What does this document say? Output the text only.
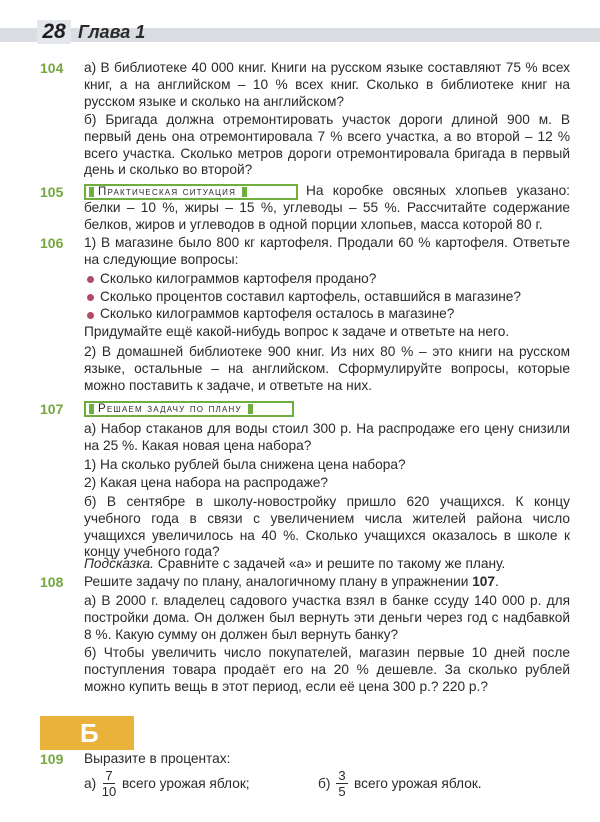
28 Глава 1
104 а) В библиотеке 40 000 книг. Книги на русском языке составляют 75 % всех книг, а на английском – 10 % всех книг. Сколько в библиотеке книг на русском языке и сколько на английском?

б) Бригада должна отремонтировать участок дороги длиной 900 м. В первый день она отремонтировала 7 % всего участка, а во второй – 12 % всего участка. Сколько метров дороги отремонтировала бригада в первый день и сколько во второй?

105	Практическая ситуация	На коробке овсяных хлопьев указано: белки – 10 %, жиры – 15 %, углеводы – 55 %. Рассчитайте содержание белков, жиров и углеводов в одной порции хлопьев, масса которой 80 г.

106 1) В магазине было 800 кг картофеля. Продали 60 % картофеля. Ответьте на следующие вопросы:

Сколько килограммов картофеля продано?
Сколько процентов составил картофель, оставшийся в магазине?
Сколько килограммов картофеля осталось в магазине?
Придумайте ещё какой-нибудь вопрос к задаче и ответьте на него.

2) В домашней библиотеке 900 книг. Из них 80 % – это книги на русском языке, остальные – на английском. Сформулируйте вопросы, которые можно поставить к задаче, и ответьте на них.

107	Решаем задачу по плану

а) Набор стаканов для воды стоил 300 р. На распродаже его цену снизили на 25 %. Какая новая цена набора?

1) На сколько рублей была снижена цена набора?
2) Какая цена набора на распродаже?

б) В сентябре в школу-новостройку пришло 620 учащихся. К концу учебного года в связи с увеличением числа жителей района число учащихся увеличилось на 40 %. Сколько учащихся оказалось в школе к концу учебного года?

Подсказка. Сравните с задачей «а» и решите по такому же плану.
108 Решите задачу по плану, аналогичному плану в упражнении 107.

а) В 2000 г. владелец садового участка взял в банке ссуду 140 000 р. для постройки дома. Он должен был вернуть эти деньги через год с надбавкой 8 %. Какую сумму он должен был вернуть банку?

б) Чтобы увеличить число покупателей, магазин первые 10 дней после поступления товара продаёт его на 20 % дешевле. За сколько рублей можно купить вещь в этот период, если её цена 300 р.? 220 р.?

Б
109 Выразите в процентах:
а)
7
10
всего урожая яблок;	б)
3
5
всего урожая яблок.
